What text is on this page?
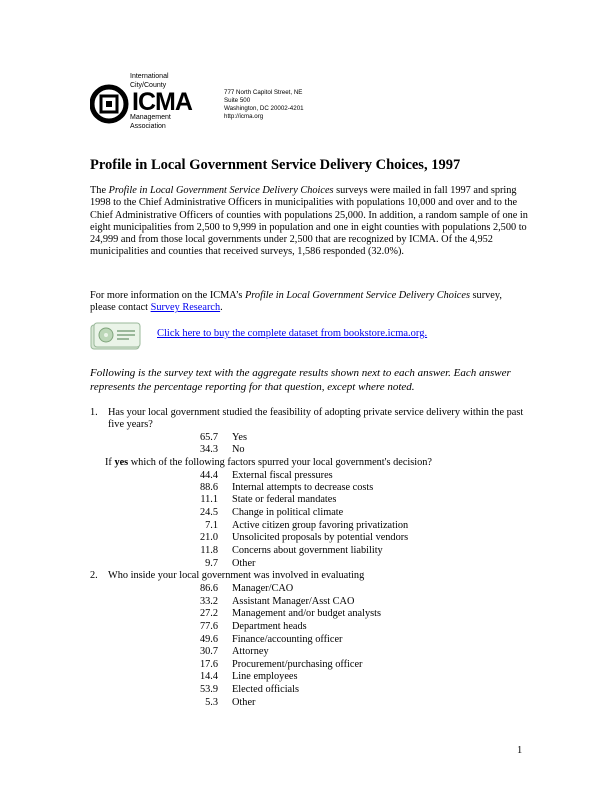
International
City/County
ICMA
Management
Association
777 North Capitol Street, NE
Suite 500
Washington, DC 20002-4201
http://icma.org
Profile in Local Government Service Delivery Choices, 1997

The Profile in Local Government Service Delivery Choices surveys were mailed in fall 1997 and spring 1998 to the Chief Administrative Officers in municipalities with populations 10,000 and over and to the Chief Administrative Officers of counties with populations 25,000. In addition, a random sample of one in eight municipalities from 2,500 to 9,999 in population and one in eight counties with populations 2,500 to 24,999 and from those local governments under 2,500 that are recognized by ICMA. Of the 4,952 municipalities and counties that received surveys, 1,586 responded (32.0%).

For more information on the ICMA’s Profile in Local Government Service Delivery Choices survey, please contact Survey Research.

Click here to buy the complete dataset from bookstore.icma.org.
Following is the survey text with the aggregate results shown next to each answer. Each answer represents the percentage reporting for that question, except where noted.
1. Has your local government studied the feasibility of adopting private service delivery within the past five years?
65.7 Yes
34.3 No
If yes which of the following factors spurred your local government's decision?
44.4 External fiscal pressures
88.6 Internal attempts to decrease costs
11.1 State or federal mandates
24.5 Change in political climate
7.1 Active citizen group favoring privatization
21.0 Unsolicited proposals by potential vendors
11.8 Concerns about government liability
9.7 Other
2. Who inside your local government was involved in evaluating
86.6 Manager/CAO
33.2 Assistant Manager/Asst CAO
27.2 Management and/or budget analysts
77.6 Department heads
49.6 Finance/accounting officer
30.7 Attorney
17.6 Procurement/purchasing officer
14.4 Line employees
53.9 Elected officials
5.3 Other
1
